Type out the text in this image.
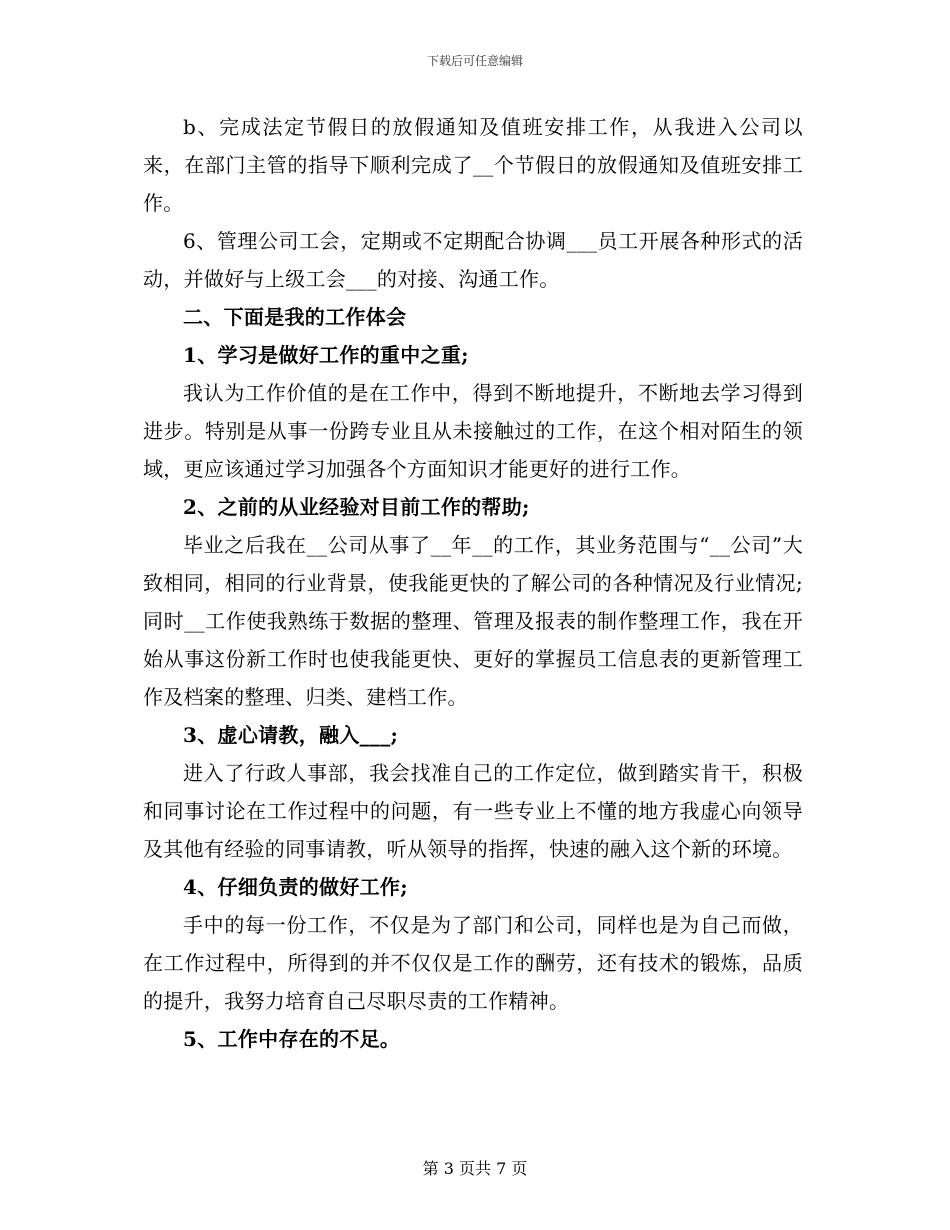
下载后可任意编辑

b、完成法定节假日的放假通知及值班安排工作，从我进入公司以来，在部门主管的指导下顺利完成了__个节假日的放假通知及值班安排工作。

6、管理公司工会，定期或不定期配合协调___员工开展各种形式的活动，并做好与上级工会___的对接、沟通工作。

二、下面是我的工作体会

1、学习是做好工作的重中之重;

我认为工作价值的是在工作中，得到不断地提升，不断地去学习得到进步。特别是从事一份跨专业且从未接触过的工作，在这个相对陌生的领域，更应该通过学习加强各个方面知识才能更好的进行工作。

2、之前的从业经验对目前工作的帮助;

毕业之后我在__公司从事了__年__的工作，其业务范围与“__公司”大致相同，相同的行业背景，使我能更快的了解公司的各种情况及行业情况;同时__工作使我熟练于数据的整理、管理及报表的制作整理工作，我在开始从事这份新工作时也使我能更快、更好的掌握员工信息表的更新管理工作及档案的整理、归类、建档工作。

3、虚心请教，融入___;

进入了行政人事部，我会找准自己的工作定位，做到踏实肯干，积极和同事讨论在工作过程中的问题，有一些专业上不懂的地方我虚心向领导及其他有经验的同事请教，听从领导的指挥，快速的融入这个新的环境。

4、仔细负责的做好工作;

手中的每一份工作，不仅是为了部门和公司，同样也是为自己而做，在工作过程中，所得到的并不仅仅是工作的酬劳，还有技术的锻炼，品质的提升，我努力培育自己尽职尽责的工作精神。

5、工作中存在的不足。

第 3 页共 7 页
